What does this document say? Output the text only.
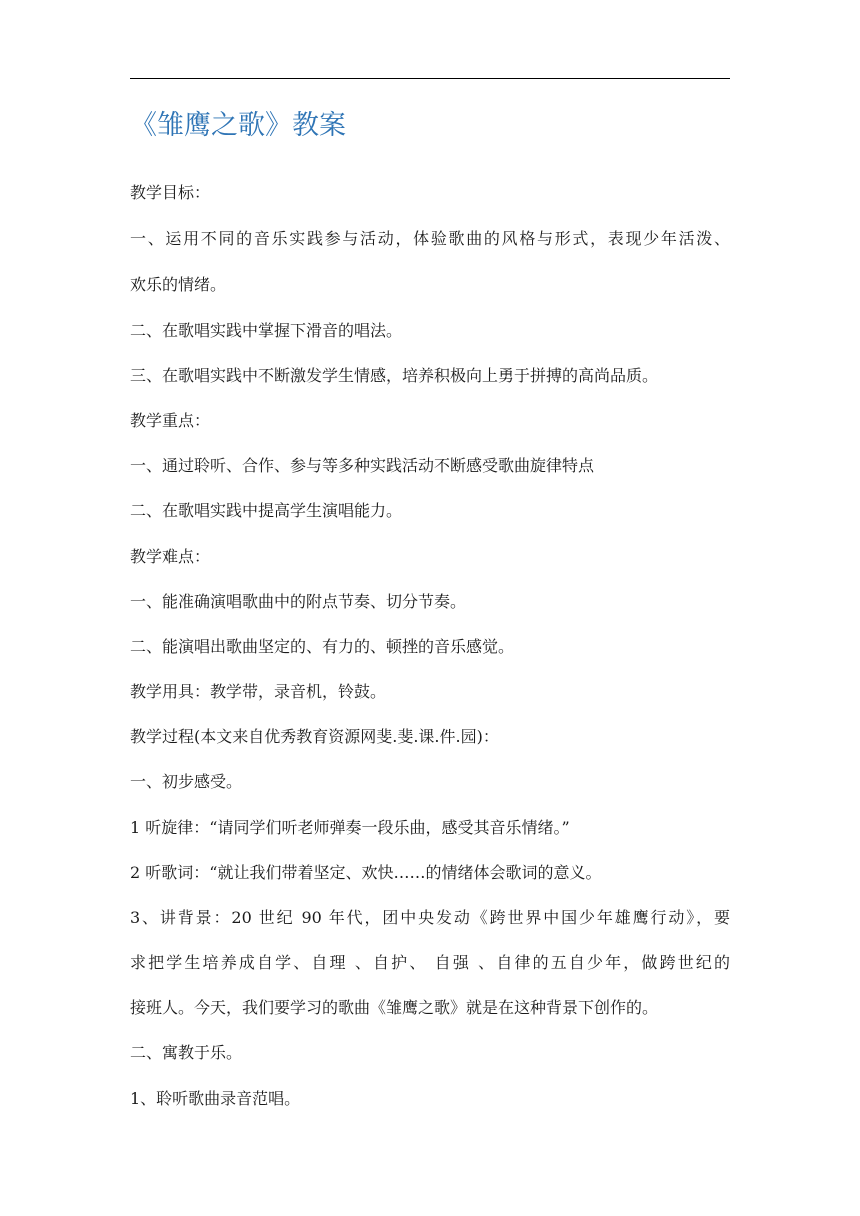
《雏鹰之歌》教案
教学目标：
一、运用不同的音乐实践参与活动，体验歌曲的风格与形式，表现少年活泼、
欢乐的情绪。
二、在歌唱实践中掌握下滑音的唱法。
三、在歌唱实践中不断激发学生情感，培养积极向上勇于拼搏的高尚品质。
教学重点：
一、通过聆听、合作、参与等多种实践活动不断感受歌曲旋律特点
二、在歌唱实践中提高学生演唱能力。
教学难点：
一、能准确演唱歌曲中的附点节奏、切分节奏。
二、能演唱出歌曲坚定的、有力的、顿挫的音乐感觉。
教学用具：教学带，录音机，铃鼓。
教学过程(本文来自优秀教育资源网斐.斐.课.件.园)：
一、初步感受。
1 听旋律：“请同学们听老师弹奏一段乐曲，感受其音乐情绪。”
2 听歌词：“就让我们带着坚定、欢快……的情绪体会歌词的意义。
3、讲背景：20 世纪 90 年代，团中央发动《跨世界中国少年雄鹰行动》，要
求把学生培养成自学、自理 、自护、 自强 、自律的五自少年，做跨世纪的
接班人。今天，我们要学习的歌曲《雏鹰之歌》就是在这种背景下创作的。
二、寓教于乐。
1、聆听歌曲录音范唱。
